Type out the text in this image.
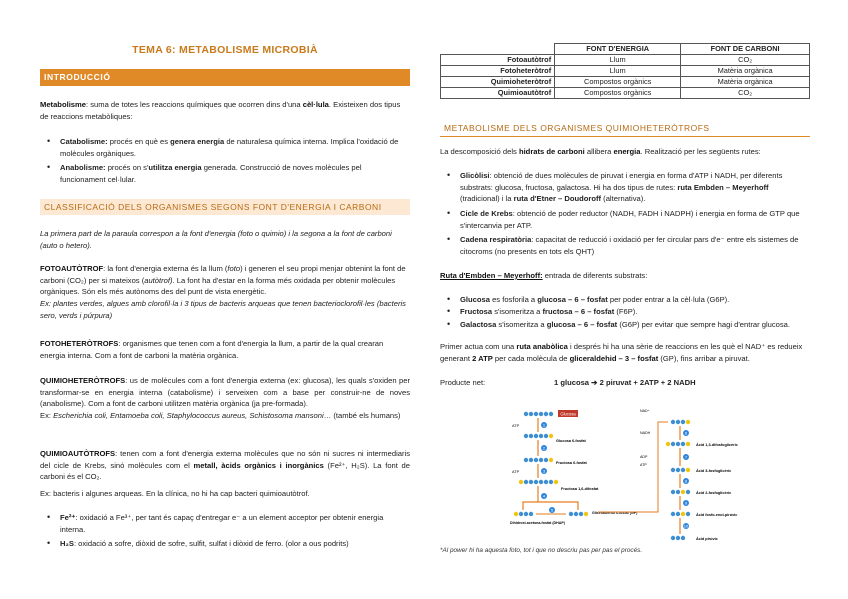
TEMA 6: METABOLISME MICROBIÀ
INTRODUCCIÓ
Metabolisme: suma de totes les reaccions químiques que ocorren dins d'una cèl·lula. Existeixen dos tipus de reaccions metabòliques:
• Catabolisme: procés en què es genera energia de naturalesa química interna. Implica l'oxidació de molècules orgàniques.
• Anabolisme: procés on s'utilitza energia generada. Construcció de noves molècules pel funcionament cel·lular.
CLASSIFICACIÓ DELS ORGANISMES SEGONS FONT D'ENERGIA I CARBONI
La primera part de la paraula correspon a la font d'energia (foto o quimio) i la segona a la font de carboni (auto o hetero).
FOTOAUTÒTROF: la font d'energia externa és la llum (foto) i generen el seu propi menjar obtenint la font de carboni (CO₂) per si mateixos (autòtrof). La font ha d'estar en la forma més oxidada per obtenir molècules orgàniques. Són els més autònoms des del punt de vista energètic.
Ex: plantes verdes, algues amb clorofil·la i 3 tipus de bacteris arqueas que tenen bacterioclorofil·les (bacteris sero, verds i púrpura)
FOTOHETERÒTROFS: organismes que tenen com a font d'energia la llum, a partir de la qual crearan energia interna. Com a font de carboni la matèria orgànica.
QUIMIOHETERÒTROFS: us de molècules com a font d'energia externa (ex: glucosa), les quals s'oxiden per transformar-se en energia interna (catabolisme) i serveixen com a base per construir-ne de noves (anabolisme). Com a font de carboni utilitzen matèria orgànica (ja pre-formada).
Ex: Escherichia coli, Entamoeba coli, Staphylococcus aureus, Schistosoma mansoni… (també els humans)
QUIMIOAUTÒTROFS: tenen com a font d'energia externa molècules que no són ni sucres ni intermediaris del cicle de Krebs, sinó molècules com el metall, àcids orgànics i inorgànics (Fe²⁺, H₂S). La font de carboni és el CO₂.
Ex: bacteris i algunes arqueas. En la clínica, no hi ha cap bacteri quimioautòtrof.
• Fe²⁺: oxidació a Fe³⁺, per tant és capaç d'entregar e⁻ a un element acceptor per obtenir energia interna.
• H₂S: oxidació a sofre, diòxid de sofre, sulfit, sulfat i diòxid de ferro. (olor a ous podrits)
	FONT D'ENERGIA	FONT DE CARBONI
Fotoautòtrof	Llum	CO₂
Fotoheteròtrof	Llum	Matèria orgànica
Quimioheteròtrof	Compostos orgànics	Matèria orgànica
Quimioautòtrof	Compostos orgànics	CO₂
METABOLISME DELS ORGANISMES QUIMIOHETERÒTROFS
La descomposició dels hidrats de carboni allibera energia. Realització per les següents rutes:
• Glicòlisi: obtenció de dues molècules de piruvat i energia en forma d'ATP i NADH, per diferents substrats: glucosa, fructosa, galactosa. Hi ha dos tipus de rutes: ruta Embden – Meyerhoff (tradicional) i la ruta d'Etner – Doudoroff (alternativa).
• Cicle de Krebs: obtenció de poder reductor (NADH, FADH i NADPH) i energia en forma de GTP que s'intercanvia per ATP.
• Cadena respiratòria: capacitat de reducció i oxidació per fer circular pars d'e⁻ entre els sistemes de citocroms (no presents en tots els QHT)
Ruta d'Embden – Meyerhoff: entrada de diferents substrats:
• Glucosa es fosforila a glucosa – 6 – fosfat per poder entrar a la cèl·lula (G6P).
• Fructosa s'isomeritza a fructosa – 6 – fosfat (F6P).
• Galactosa s'isomeritza a glucosa – 6 – fosfat (G6P) per evitar que sempre hagi d'entrar glucosa.
Primer actua com una ruta anabòlica i després hi ha una sèrie de reaccions en les què el NAD⁺ es redueix generant 2 ATP per cada molècula de gliceraldehid – 3 – fosfat (GP), fins arribar a piruvat.
Producte net:	1 glucosa ➔ 2 piruvat + 2ATP + 2 NADH
Glucosa
ATP
ATP
Glucosa 6-fosfat
Fructosa 6-fosfat
Fructosa 1,6-difosfat
Dihidroxi-acetona-fosfat (DHAP)
Gliceraldehid 3-fosfat (GP)
Àcid 1,3-difosfoglicèric
Àcid 3-fosfoglicèric
Àcid 2-fosfoglicèric
Àcid fosfo-enol-pirúvic
Àcid pirúvic
NAD⁺
NADH
ADP
ATP
1
2
3
4
5
6
7
8
9
10
*Al power hi ha aquesta foto, tot i que no descriu pas per pas el procés.
